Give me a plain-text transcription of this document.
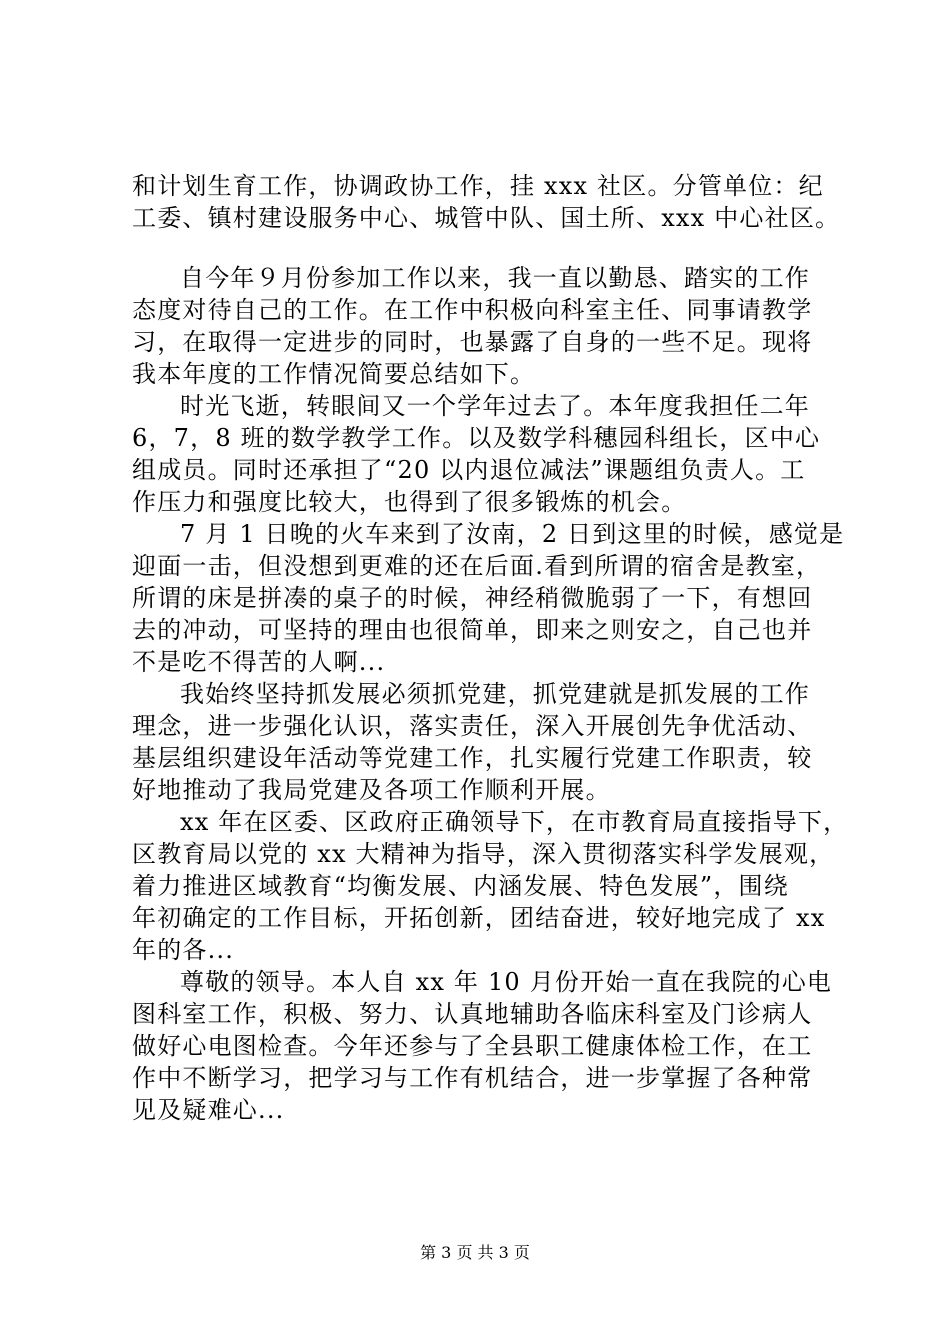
和计划生育工作，协调政协工作，挂 xxx 社区。分管单位：纪
工委、镇村建设服务中心、城管中队、国土所、xxx 中心社区。
自今年９月份参加工作以来，我一直以勤恳、踏实的工作
态度对待自己的工作。在工作中积极向科室主任、同事请教学
习，在取得一定进步的同时，也暴露了自身的一些不足。现将
我本年度的工作情况简要总结如下。
时光飞逝，转眼间又一个学年过去了。本年度我担任二年
6，7，8 班的数学教学工作。以及数学科穗园科组长，区中心
组成员。同时还承担了“20 以内退位减法”课题组负责人。工
作压力和强度比较大，也得到了很多锻炼的机会。
7 月 1 日晚的火车来到了汝南，2 日到这里的时候，感觉是
迎面一击，但没想到更难的还在后面.看到所谓的宿舍是教室，
所谓的床是拼凑的桌子的时候，神经稍微脆弱了一下，有想回
去的冲动，可坚持的理由也很简单，即来之则安之，自己也并
不是吃不得苦的人啊...
我始终坚持抓发展必须抓党建，抓党建就是抓发展的工作
理念，进一步强化认识，落实责任，深入开展创先争优活动、
基层组织建设年活动等党建工作，扎实履行党建工作职责，较
好地推动了我局党建及各项工作顺利开展。
xx 年在区委、区政府正确领导下，在市教育局直接指导下，
区教育局以党的 xx 大精神为指导，深入贯彻落实科学发展观，
着力推进区域教育“均衡发展、内涵发展、特色发展”，围绕
年初确定的工作目标，开拓创新，团结奋进，较好地完成了 xx
年的各...
尊敬的领导。本人自 xx 年 10 月份开始一直在我院的心电
图科室工作，积极、努力、认真地辅助各临床科室及门诊病人
做好心电图检查。今年还参与了全县职工健康体检工作，在工
作中不断学习，把学习与工作有机结合，进一步掌握了各种常
见及疑难心...
第 3 页 共 3 页
